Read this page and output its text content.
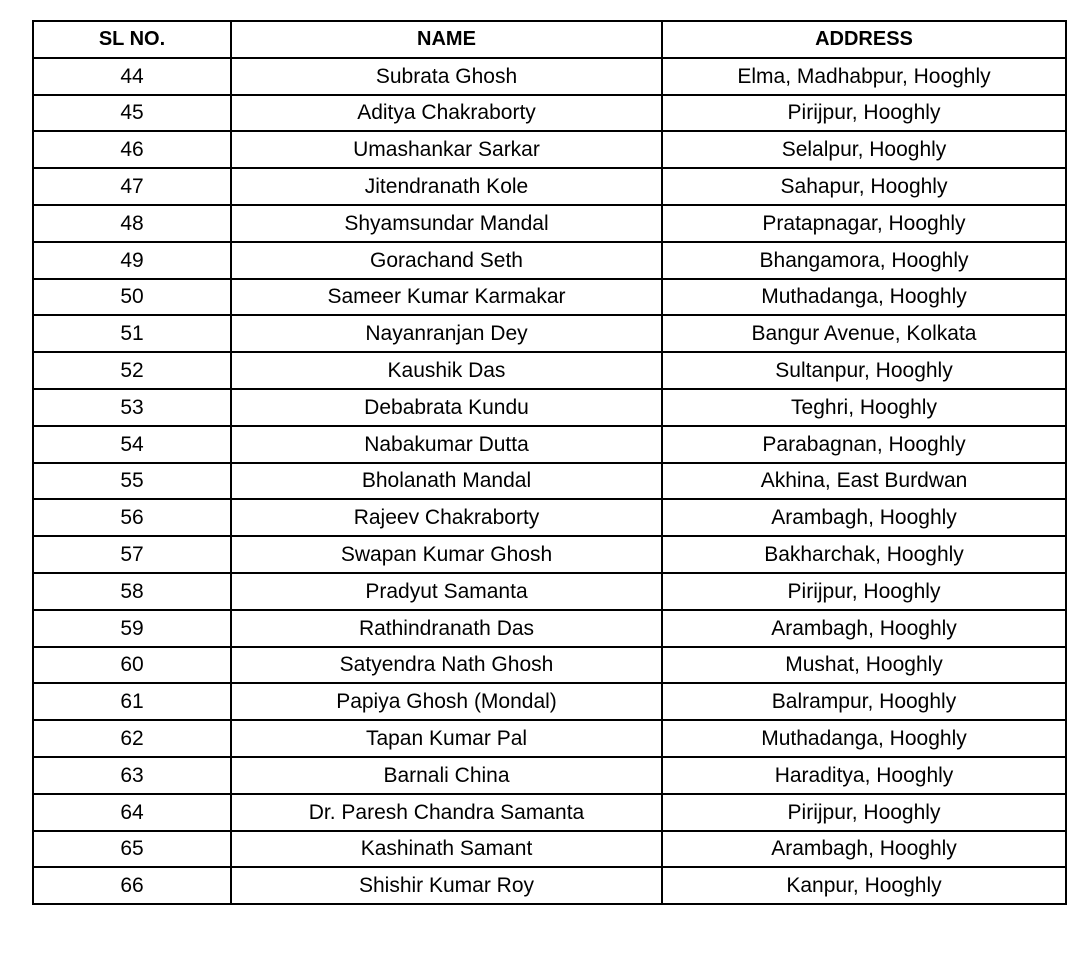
SL NO.	NAME	ADDRESS
44	Subrata Ghosh	Elma, Madhabpur, Hooghly
45	Aditya Chakraborty	Pirijpur, Hooghly
46	Umashankar Sarkar	Selalpur, Hooghly
47	Jitendranath Kole	Sahapur, Hooghly
48	Shyamsundar Mandal	Pratapnagar, Hooghly
49	Gorachand Seth	Bhangamora, Hooghly
50	Sameer Kumar Karmakar	Muthadanga, Hooghly
51	Nayanranjan Dey	Bangur Avenue, Kolkata
52	Kaushik Das	Sultanpur, Hooghly
53	Debabrata Kundu	Teghri, Hooghly
54	Nabakumar Dutta	Parabagnan, Hooghly
55	Bholanath Mandal	Akhina, East Burdwan
56	Rajeev Chakraborty	Arambagh, Hooghly
57	Swapan Kumar Ghosh	Bakharchak, Hooghly
58	Pradyut Samanta	Pirijpur, Hooghly
59	Rathindranath Das	Arambagh, Hooghly
60	Satyendra Nath Ghosh	Mushat, Hooghly
61	Papiya Ghosh (Mondal)	Balrampur, Hooghly
62	Tapan Kumar Pal	Muthadanga, Hooghly
63	Barnali China	Haraditya, Hooghly
64	Dr. Paresh Chandra Samanta	Pirijpur, Hooghly
65	Kashinath Samant	Arambagh, Hooghly
66	Shishir Kumar Roy	Kanpur, Hooghly
